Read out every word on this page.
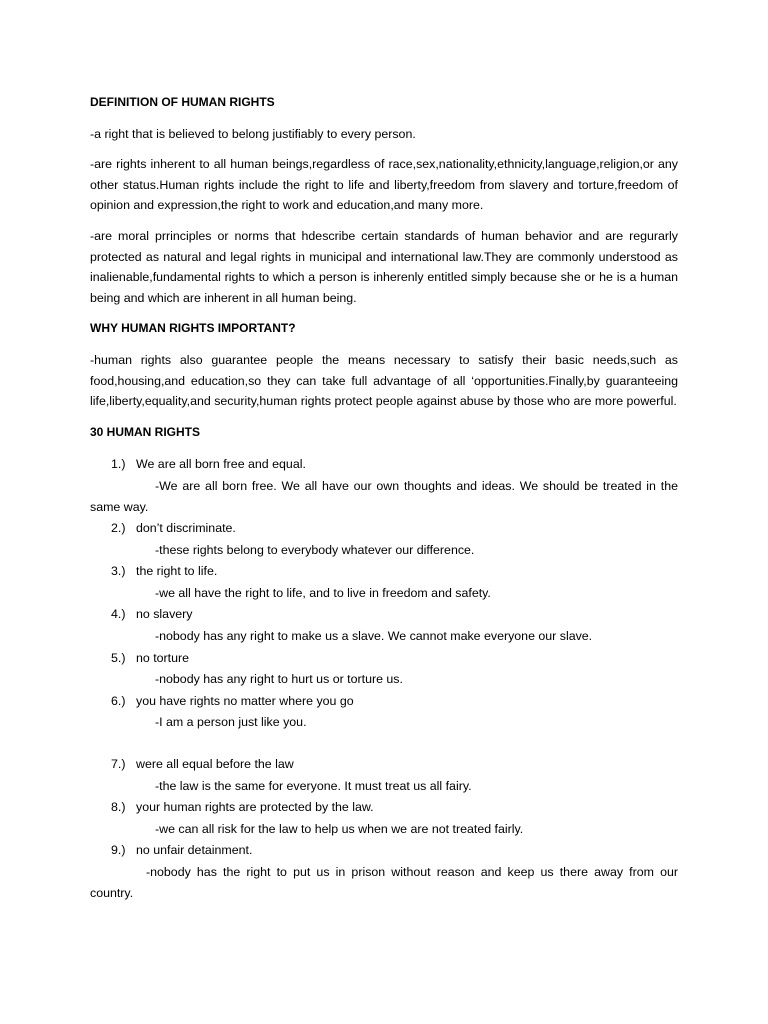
DEFINITION OF HUMAN RIGHTS

-a right that is believed to belong justifiably to every person.

-are rights inherent to all human beings,regardless of race,sex,nationality,ethnicity,language,religion,or any other status.Human rights include the right to life and liberty,freedom from slavery and torture,freedom of opinion and expression,the right to work and education,and many more.

-are moral prrinciples or norms that hdescribe certain standards of human behavior and are regurarly protected as natural and legal rights in municipal and international law.They are commonly understood as inalienable,fundamental rights to which a person is inherenly entitled simply because she or he is a human being and which are inherent in all human being.

WHY HUMAN RIGHTS IMPORTANT?

-human rights also guarantee people the means necessary to satisfy their basic needs,such as food,housing,and education,so they can take full advantage of all ‘opportunities.Finally,by guaranteeing life,liberty,equality,and security,human rights protect people against abuse by those who are more powerful.

30 HUMAN RIGHTS

1.) We are all born free and equal.

-We are all born free. We all have our own thoughts and ideas. We should be treated in the same way.

2.) don’t discriminate.

-these rights belong to everybody whatever our difference.

3.) the right to life.

-we all have the right to life, and to live in freedom and safety.

4.) no slavery

-nobody has any right to make us a slave. We cannot make everyone our slave.

5.) no torture

-nobody has any right to hurt us or torture us.

6.) you have rights no matter where you go

-I am a person just like you.

7.) were all equal before the law

-the law is the same for everyone. It must treat us all fairy.

8.) your human rights are protected by the law.

-we can all risk for the law to help us when we are not treated fairly.

9.) no unfair detainment.

-nobody has the right to put us in prison without reason and keep us there away from our country.
